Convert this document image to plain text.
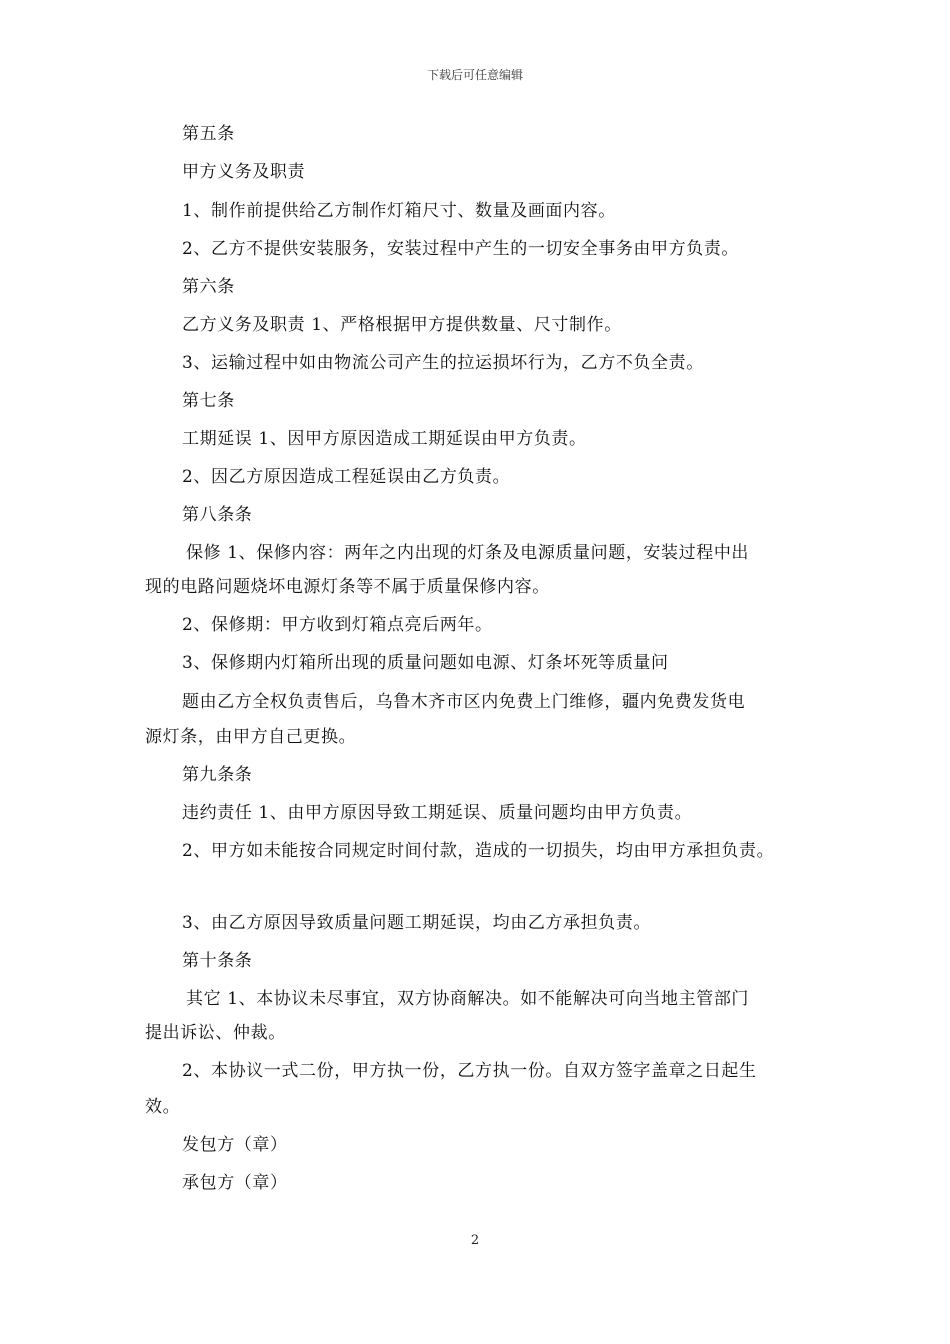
下载后可任意编辑
第五条
甲方义务及职责
1、制作前提供给乙方制作灯箱尺寸、数量及画面内容。
2、乙方不提供安装服务，安装过程中产生的一切安全事务由甲方负责。
第六条
乙方义务及职责 1、严格根据甲方提供数量、尺寸制作。
3、运输过程中如由物流公司产生的拉运损坏行为，乙方不负全责。
第七条
工期延误 1、因甲方原因造成工期延误由甲方负责。
2、因乙方原因造成工程延误由乙方负责。
第八条条
保修 1、保修内容：两年之内出现的灯条及电源质量问题，安装过程中出
现的电路问题烧坏电源灯条等不属于质量保修内容。
2、保修期：甲方收到灯箱点亮后两年。
3、保修期内灯箱所出现的质量问题如电源、灯条坏死等质量问
题由乙方全权负责售后，乌鲁木齐市区内免费上门维修，疆内免费发货电
源灯条，由甲方自己更换。
第九条条
违约责任 1、由甲方原因导致工期延误、质量问题均由甲方负责。
2、甲方如未能按合同规定时间付款，造成的一切损失，均由甲方承担负责。
3、由乙方原因导致质量问题工期延误，均由乙方承担负责。
第十条条
其它 1、本协议未尽事宜，双方协商解决。如不能解决可向当地主管部门
提出诉讼、仲裁。
2、本协议一式二份，甲方执一份，乙方执一份。自双方签字盖章之日起生
效。
发包方（章）
承包方（章）
2
